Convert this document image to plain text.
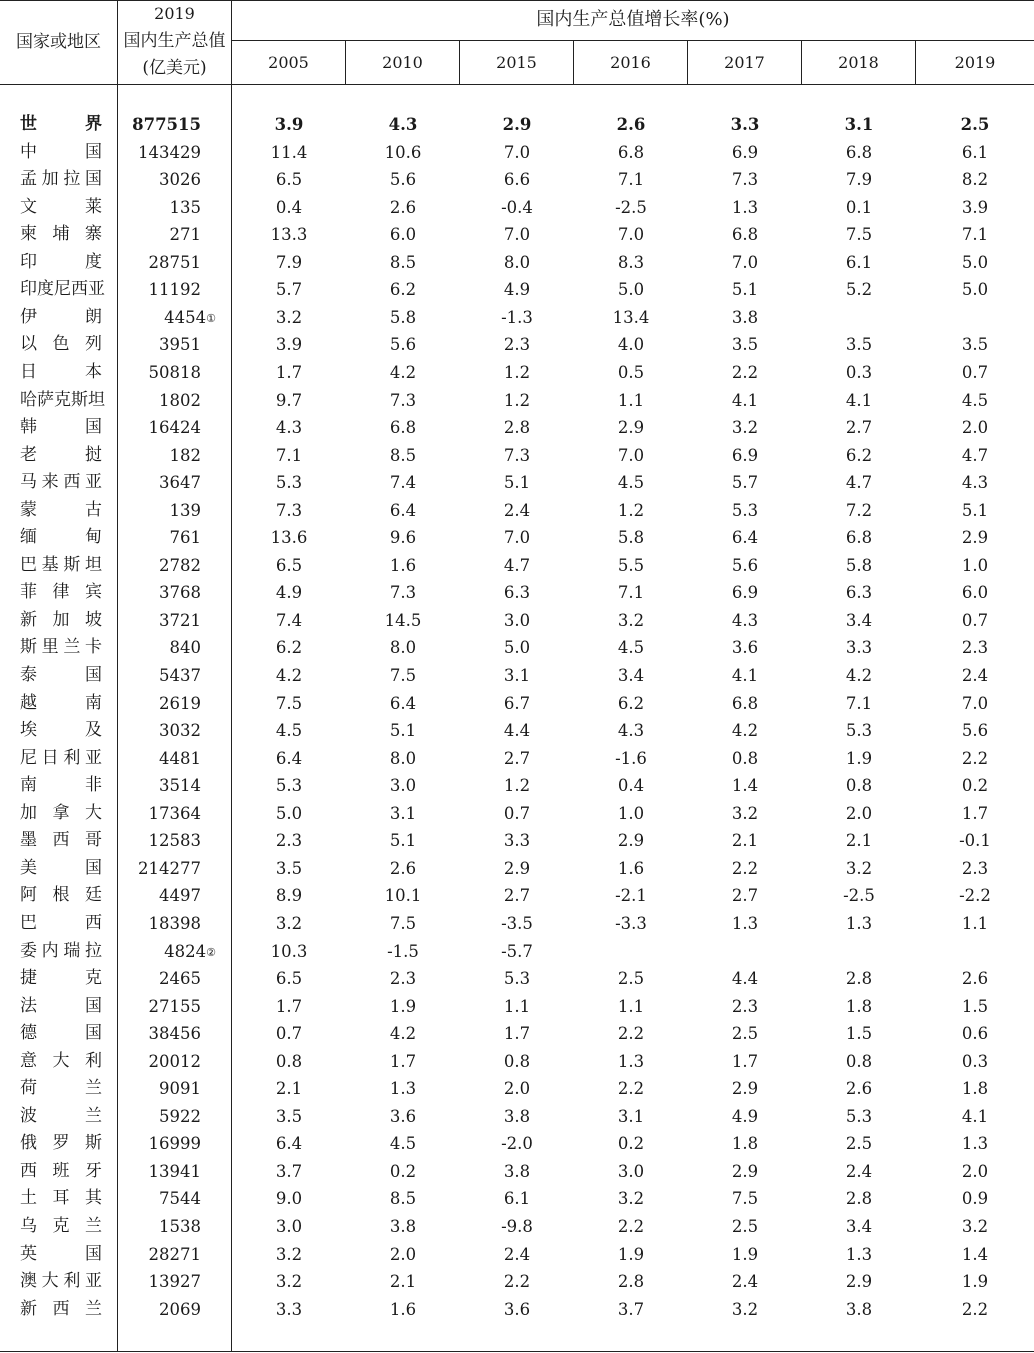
国家或地区
2019
国内生产总值
(亿美元)
国内生产总值增长率(%)
2005	2010	2015	2016	2017	2018	2019
世界	877515	3.9	4.3	2.9	2.6	3.3	3.1	2.5
中国	143429	11.4	10.6	7.0	6.8	6.9	6.8	6.1
孟加拉国	3026	6.5	5.6	6.6	7.1	7.3	7.9	8.2
文莱	135	0.4	2.6	-0.4	-2.5	1.3	0.1	3.9
柬埔寨	271	13.3	6.0	7.0	7.0	6.8	7.5	7.1
印度	28751	7.9	8.5	8.0	8.3	7.0	6.1	5.0
印度尼西亚	11192	5.7	6.2	4.9	5.0	5.1	5.2	5.0
伊朗	4454①	3.2	5.8	-1.3	13.4	3.8
以色列	3951	3.9	5.6	2.3	4.0	3.5	3.5	3.5
日本	50818	1.7	4.2	1.2	0.5	2.2	0.3	0.7
哈萨克斯坦	1802	9.7	7.3	1.2	1.1	4.1	4.1	4.5
韩国	16424	4.3	6.8	2.8	2.9	3.2	2.7	2.0
老挝	182	7.1	8.5	7.3	7.0	6.9	6.2	4.7
马来西亚	3647	5.3	7.4	5.1	4.5	5.7	4.7	4.3
蒙古	139	7.3	6.4	2.4	1.2	5.3	7.2	5.1
缅甸	761	13.6	9.6	7.0	5.8	6.4	6.8	2.9
巴基斯坦	2782	6.5	1.6	4.7	5.5	5.6	5.8	1.0
菲律宾	3768	4.9	7.3	6.3	7.1	6.9	6.3	6.0
新加坡	3721	7.4	14.5	3.0	3.2	4.3	3.4	0.7
斯里兰卡	840	6.2	8.0	5.0	4.5	3.6	3.3	2.3
泰国	5437	4.2	7.5	3.1	3.4	4.1	4.2	2.4
越南	2619	7.5	6.4	6.7	6.2	6.8	7.1	7.0
埃及	3032	4.5	5.1	4.4	4.3	4.2	5.3	5.6
尼日利亚	4481	6.4	8.0	2.7	-1.6	0.8	1.9	2.2
南非	3514	5.3	3.0	1.2	0.4	1.4	0.8	0.2
加拿大	17364	5.0	3.1	0.7	1.0	3.2	2.0	1.7
墨西哥	12583	2.3	5.1	3.3	2.9	2.1	2.1	-0.1
美国	214277	3.5	2.6	2.9	1.6	2.2	3.2	2.3
阿根廷	4497	8.9	10.1	2.7	-2.1	2.7	-2.5	-2.2
巴西	18398	3.2	7.5	-3.5	-3.3	1.3	1.3	1.1
委内瑞拉	4824②	10.3	-1.5	-5.7
捷克	2465	6.5	2.3	5.3	2.5	4.4	2.8	2.6
法国	27155	1.7	1.9	1.1	1.1	2.3	1.8	1.5
德国	38456	0.7	4.2	1.7	2.2	2.5	1.5	0.6
意大利	20012	0.8	1.7	0.8	1.3	1.7	0.8	0.3
荷兰	9091	2.1	1.3	2.0	2.2	2.9	2.6	1.8
波兰	5922	3.5	3.6	3.8	3.1	4.9	5.3	4.1
俄罗斯	16999	6.4	4.5	-2.0	0.2	1.8	2.5	1.3
西班牙	13941	3.7	0.2	3.8	3.0	2.9	2.4	2.0
土耳其	7544	9.0	8.5	6.1	3.2	7.5	2.8	0.9
乌克兰	1538	3.0	3.8	-9.8	2.2	2.5	3.4	3.2
英国	28271	3.2	2.0	2.4	1.9	1.9	1.3	1.4
澳大利亚	13927	3.2	2.1	2.2	2.8	2.4	2.9	1.9
新西兰	2069	3.3	1.6	3.6	3.7	3.2	3.8	2.2
